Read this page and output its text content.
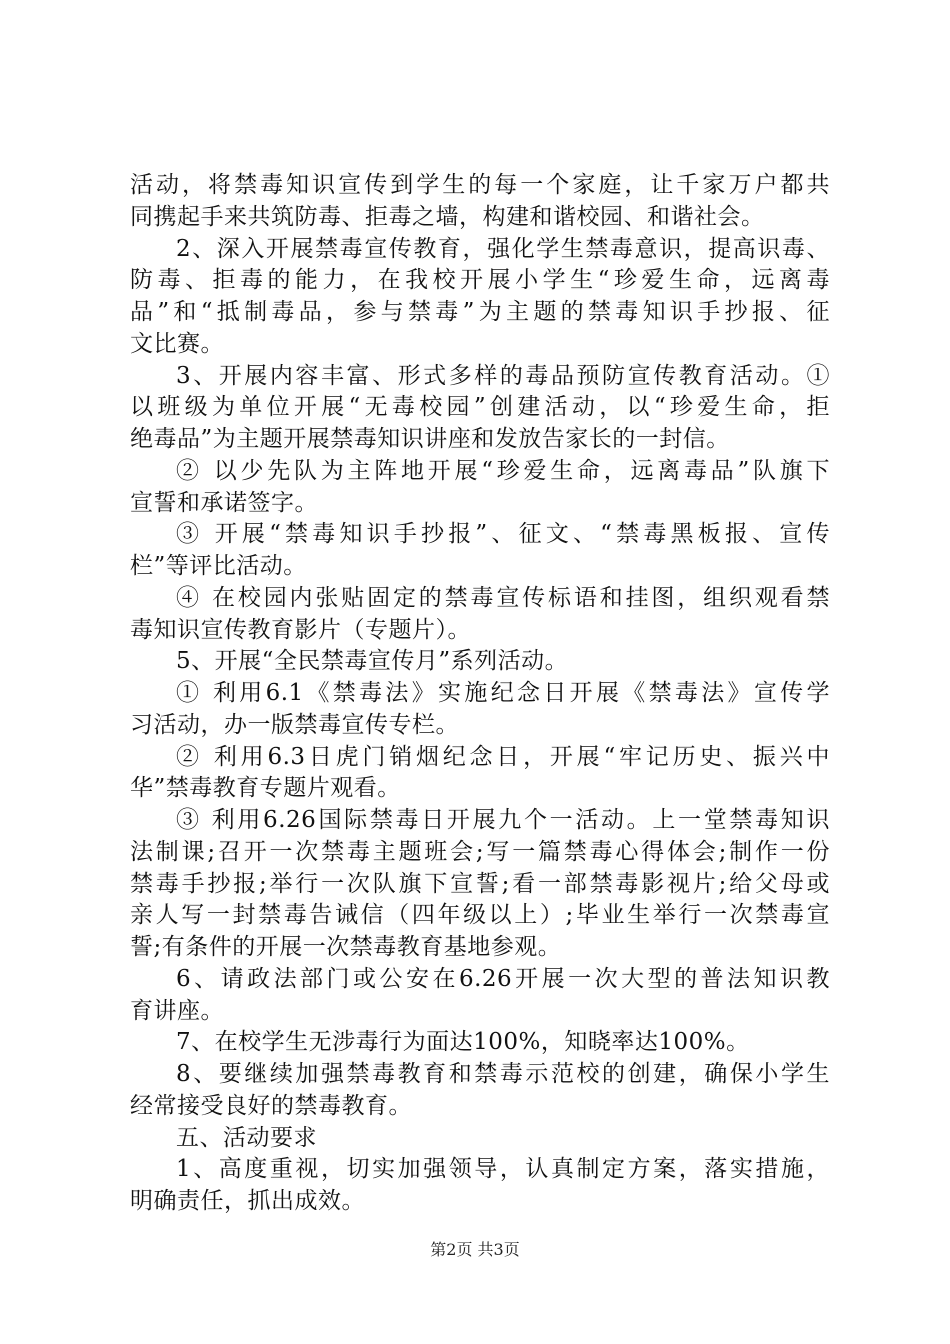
活动，将禁毒知识宣传到学生的每一个家庭，让千家万户都共
同携起手来共筑防毒、拒毒之墙，构建和谐校园、和谐社会。
2、深入开展禁毒宣传教育，强化学生禁毒意识，提高识毒、
防毒、拒毒的能力，在我校开展小学生“珍爱生命，远离毒
品”和“抵制毒品，参与禁毒”为主题的禁毒知识手抄报、征
文比赛。
3、开展内容丰富、形式多样的毒品预防宣传教育活动。①
以班级为单位开展“无毒校园”创建活动，以“珍爱生命，拒
绝毒品”为主题开展禁毒知识讲座和发放告家长的一封信。
② 以少先队为主阵地开展“珍爱生命，远离毒品”队旗下
宣誓和承诺签字。
③ 开展“禁毒知识手抄报”、征文、“禁毒黑板报、宣传
栏”等评比活动。
④ 在校园内张贴固定的禁毒宣传标语和挂图，组织观看禁
毒知识宣传教育影片（专题片）。
5、开展“全民禁毒宣传月”系列活动。
① 利用6.1《禁毒法》实施纪念日开展《禁毒法》宣传学
习活动，办一版禁毒宣传专栏。
② 利用6.3日虎门销烟纪念日，开展“牢记历史、振兴中
华”禁毒教育专题片观看。
③ 利用6.26国际禁毒日开展九个一活动。上一堂禁毒知识
法制课;召开一次禁毒主题班会;写一篇禁毒心得体会;制作一份
禁毒手抄报;举行一次队旗下宣誓;看一部禁毒影视片;给父母或
亲人写一封禁毒告诫信（四年级以上）;毕业生举行一次禁毒宣
誓;有条件的开展一次禁毒教育基地参观。
6、请政法部门或公安在6.26开展一次大型的普法知识教
育讲座。
7、在校学生无涉毒行为面达100%，知晓率达100%。
8、要继续加强禁毒教育和禁毒示范校的创建，确保小学生
经常接受良好的禁毒教育。
五、活动要求
1、高度重视，切实加强领导，认真制定方案，落实措施，
明确责任，抓出成效。
第2页 共3页
